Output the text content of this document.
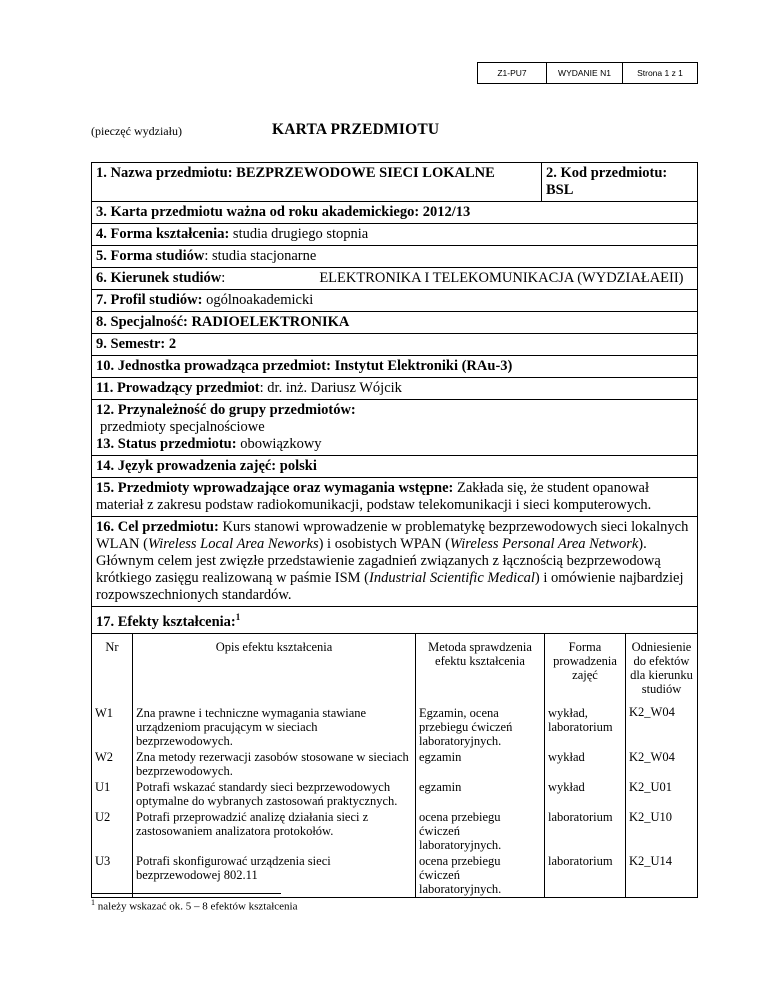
Z1-PU7	WYDANIE N1	Strona 1 z 1
(pieczęć wydziału)	KARTA PRZEDMIOTU
1. Nazwa przedmiotu: BEZPRZEWODOWE SIECI LOKALNE	2. Kod przedmiotu: BSL
3. Karta przedmiotu ważna od roku akademickiego: 2012/13
4. Forma kształcenia: studia drugiego stopnia
5. Forma studiów: studia stacjonarne
6. Kierunek studiów:	ELEKTRONIKA I TELEKOMUNIKACJA (WYDZIAŁAEII)
7. Profil studiów: ogólnoakademicki
8. Specjalność: RADIOELEKTRONIKA
9. Semestr: 2
10. Jednostka prowadząca przedmiot: Instytut Elektroniki (RAu-3)
11. Prowadzący przedmiot: dr. inż. Dariusz Wójcik
12. Przynależność do grupy przedmiotów:
przedmioty specjalnościowe
13. Status przedmiotu: obowiązkowy
14. Język prowadzenia zajęć: polski
15. Przedmioty wprowadzające oraz wymagania wstępne: Zakłada się, że student opanował materiał z zakresu podstaw radiokomunikacji, podstaw telekomunikacji i sieci komputerowych.
16. Cel przedmiotu: Kurs stanowi wprowadzenie w problematykę bezprzewodowych sieci lokalnych WLAN (Wireless Local Area Neworks) i osobistych WPAN (Wireless Personal Area Network). Głównym celem jest zwięzłe przedstawienie zagadnień związanych z łącznością bezprzewodową krótkiego zasięgu realizowaną w paśmie ISM (Industrial Scientific Medical) i omówienie najbardziej rozpowszechnionych standardów.
17. Efekty kształcenia:$^1$
Nr	Opis efektu kształcenia	Metoda sprawdzenia efektu kształcenia	Forma prowadzenia zajęć	Odniesienie do efektów dla kierunku studiów

W1	Zna prawne i techniczne wymagania stawiane urządzeniom pracującym w sieciach bezprzewodowych.	Egzamin, ocena przebiegu ćwiczeń laboratoryjnych.	wykład, laboratorium	K2_W04
W2	Zna metody rezerwacji zasobów stosowane w sieciach bezprzewodowych.	egzamin	wykład	K2_W04
U1	Potrafi wskazać standardy sieci bezprzewodowych optymalne do wybranych zastosowań praktycznych.	egzamin	wykład	K2_U01
U2	Potrafi przeprowadzić analizę działania sieci z zastosowaniem analizatora protokołów.	ocena przebiegu ćwiczeń laboratoryjnych.	laboratorium	K2_U10
U3	Potrafi skonfigurować urządzenia sieci bezprzewodowej 802.11	ocena przebiegu ćwiczeń laboratoryjnych.	laboratorium	K2_U14
$^1$ należy wskazać ok. 5 – 8 efektów kształcenia
